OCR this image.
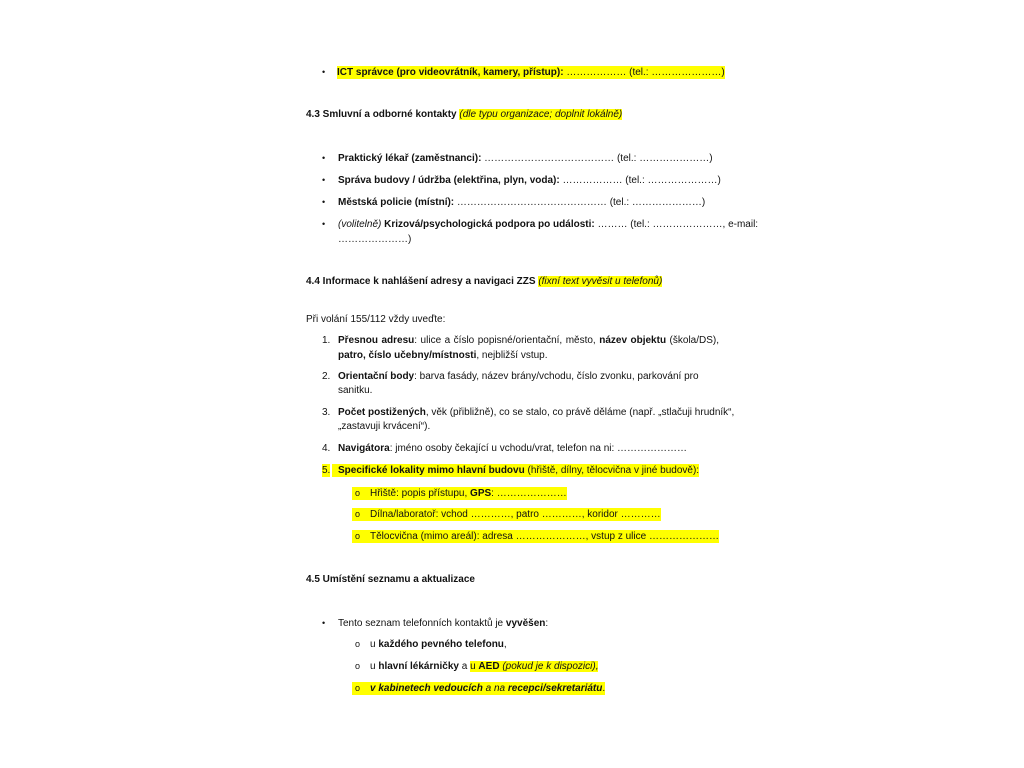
• ICT správce (pro videovrátník, kamery, přístup): ……………… (tel.: …………………)
4.3 Smluvní a odborné kontakty (dle typu organizace; doplnit lokálně)
• Praktický lékař (zaměstnanci): ………………………………… (tel.: …………………)
• Správa budovy / údržba (elektřina, plyn, voda): ……………… (tel.: …………………)
• Městská policie (místní): ……………………………………… (tel.: …………………)
• (volitelně) Krizová/psychologická podpora po události: ……… (tel.: …………………, e-mail:
…………………)
4.4 Informace k nahlášení adresy a navigaci ZZS (fixní text vyvěsit u telefonů)
Při volání 155/112 vždy uveďte:
1. Přesnou adresu: ulice a číslo popisné/orientační, město, název objektu (škola/DS), patro, číslo učebny/místnosti, nejbližší vstup.
2. Orientační body: barva fasády, název brány/vchodu, číslo zvonku, parkování pro
sanitku.
3. Počet postižených, věk (přibližně), co se stalo, co právě děláme (např. „stlačuji hrudník“,
„zastavuji krvácení“).
4. Navigátora: jméno osoby čekající u vchodu/vrat, telefon na ni: …………………
5. Specifické lokality mimo hlavní budovu (hřiště, dílny, tělocvična v jiné budově):
o Hřiště: popis přístupu, GPS: …………………
o Dílna/laboratoř: vchod …………, patro …………, koridor …………
o Tělocvična (mimo areál): adresa …………………, vstup z ulice …………………
4.5 Umístění seznamu a aktualizace
• Tento seznam telefonních kontaktů je vyvěšen:
o u každého pevného telefonu,
o u hlavní lékárničky a u AED (pokud je k dispozici),
o v kabinetech vedoucích a na recepci/sekretariátu.
